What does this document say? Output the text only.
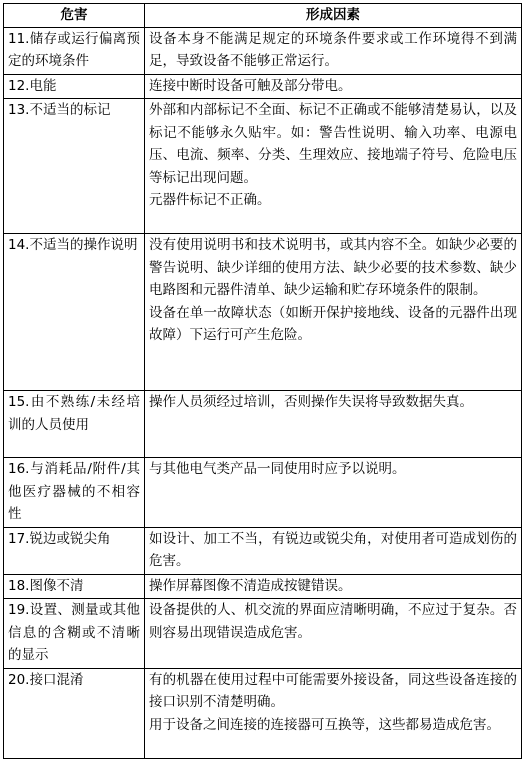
危害	形成因素
11.储存或运行偏离预定的环境条件	设备本身不能满足规定的环境条件要求或工作环境得不到满足，导致设备不能够正常运行。

12.电能	连接中断时设备可触及部分带电。

13.不适当的标记	外部和内部标记不全面、标记不正确或不能够清楚易认，以及标记不能够永久贴牢。如：警告性说明、输入功率、电源电压、电流、频率、分类、生理效应、接地端子符号、危险电压等标记出现问题。
元器件标记不正确。

14.不适当的操作说明	没有使用说明书和技术说明书，或其内容不全。如缺少必要的警告说明、缺少详细的使用方法、缺少必要的技术参数、缺少电路图和元器件清单、缺少运输和贮存环境条件的限制。
设备在单一故障状态（如断开保护接地线、设备的元器件出现故障）下运行可产生危险。

15.由不熟练/未经培训的人员使用	操作人员须经过培训，否则操作失误将导致数据失真。

16.与消耗品/附件/其他医疗器械的不相容性	与其他电气类产品一同使用时应予以说明。

17.锐边或锐尖角	如设计、加工不当，有锐边或锐尖角，对使用者可造成划伤的危害。

18.图像不清	操作屏幕图像不清造成按键错误。

19.设置、测量或其他信息的含糊或不清晰的显示	设备提供的人、机交流的界面应清晰明确，不应过于复杂。否则容易出现错误造成危害。

20.接口混淆	有的机器在使用过程中可能需要外接设备，同这些设备连接的接口识别不清楚明确。
用于设备之间连接的连接器可互换等，这些都易造成危害。
